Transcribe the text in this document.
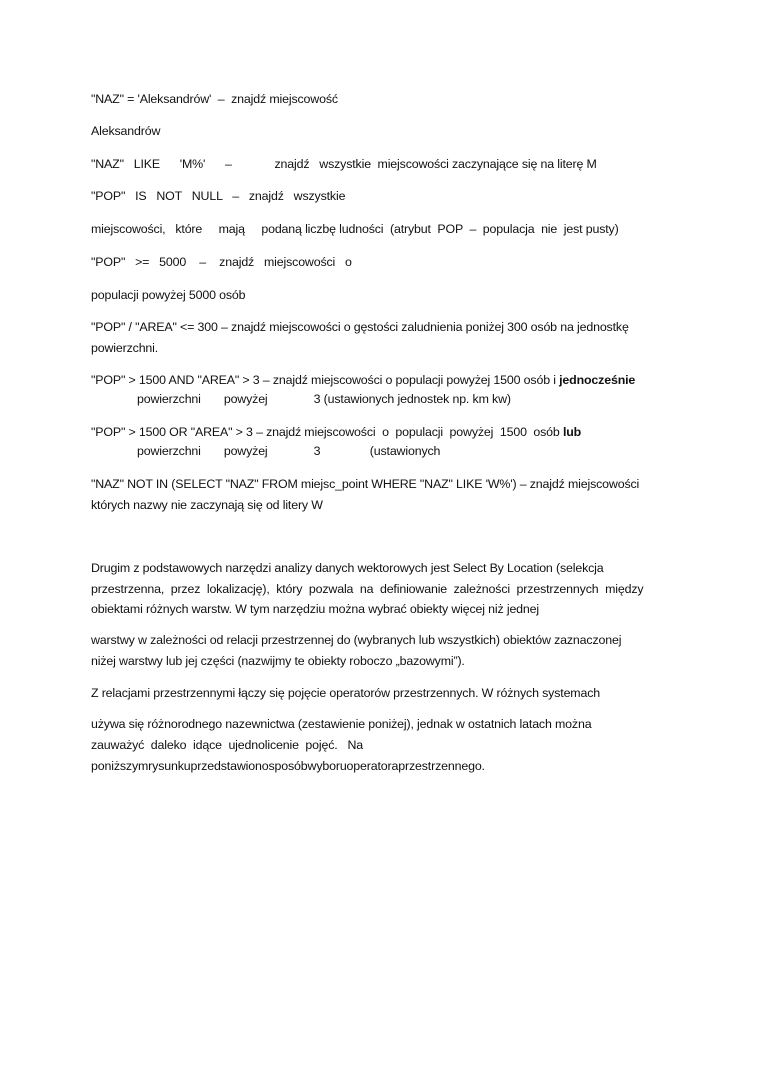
"NAZ" = 'Aleksandrów'  –  znajdź miejscowość
Aleksandrów
"NAZ"   LIKE      'M%'      –             znajdź   wszystkie  miejscowości zaczynające się na literę M
"POP"   IS   NOT   NULL   –   znajdź   wszystkie
miejscowości,   które     mają     podaną liczbę ludności  (atrybut  POP  –  populacja  nie  jest pusty)
"POP"   >=   5000    –    znajdź   miejscowości   o
populacji powyżej 5000 osób
"POP" / "AREA" <= 300 – znajdź miejscowości o gęstości zaludnienia poniżej 300 osób na jednostkę
powierzchni.
"POP" > 1500 AND "AREA" > 3 – znajdź miejscowości o populacji powyżej 1500 osób i jednocześnie
powierzchni       powyżej              3 (ustawionych jednostek np. km kw)
"POP" > 1500 OR "AREA" > 3 – znajdź miejscowości  o  populacji  powyżej  1500  osób lub
powierzchni       powyżej              3               (ustawionych
"NAZ" NOT IN (SELECT "NAZ" FROM miejsc_point WHERE "NAZ" LIKE 'W%') – znajdź miejscowości
których nazwy nie zaczynają się od litery W
Drugim z podstawowych narzędzi analizy danych wektorowych jest Select By Location (selekcja
przestrzenna,  przez  lokalizację),  który  pozwala  na  definiowanie  zależności  przestrzennych  między
obiektami różnych warstw. W tym narzędziu można wybrać obiekty więcej niż jednej
warstwy w zależności od relacji przestrzennej do (wybranych lub wszystkich) obiektów zaznaczonej
niżej warstwy lub jej części (nazwijmy te obiekty roboczo „bazowymi”).
Z relacjami przestrzennymi łączy się pojęcie operatorów przestrzennych. W różnych systemach
używa się różnorodnego nazewnictwa (zestawienie poniżej), jednak w ostatnich latach można
zauważyć  daleko  idące  ujednolicenie  pojęć.   Na
poniższymrysunkuprzedstawionosposóbwyboruoperatoraprzestrzennego.
